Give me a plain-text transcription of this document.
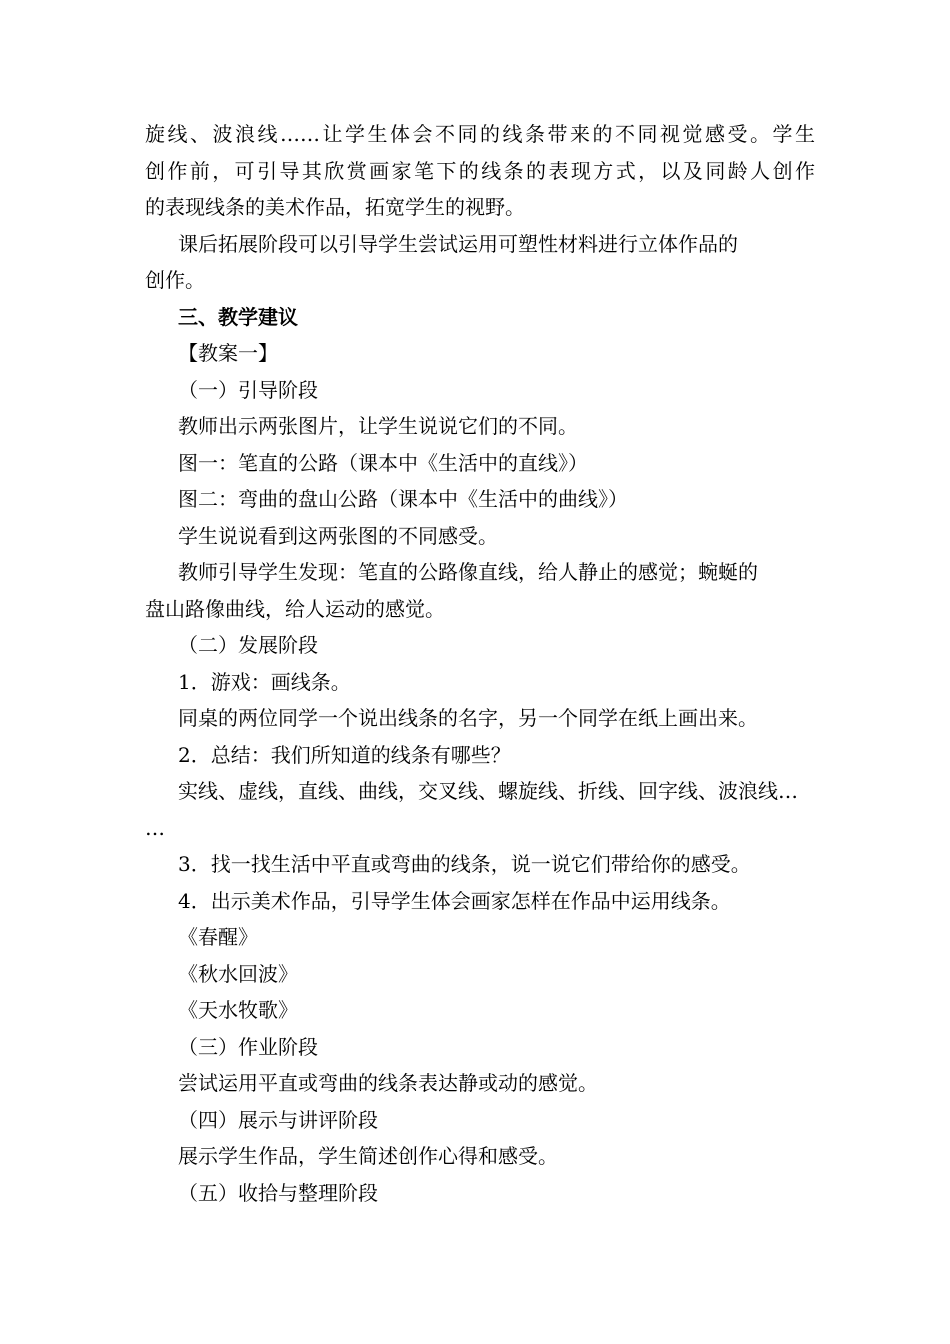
旋线、波浪线……让学生体会不同的线条带来的不同视觉感受。学生
创作前，可引导其欣赏画家笔下的线条的表现方式，以及同龄人创作
的表现线条的美术作品，拓宽学生的视野。
课后拓展阶段可以引导学生尝试运用可塑性材料进行立体作品的
创作。
三、教学建议
【教案一】
（一）引导阶段
教师出示两张图片，让学生说说它们的不同。
图一：笔直的公路（课本中《生活中的直线》）
图二：弯曲的盘山公路（课本中《生活中的曲线》）
学生说说看到这两张图的不同感受。
教师引导学生发现：笔直的公路像直线，给人静止的感觉；蜿蜒的
盘山路像曲线，给人运动的感觉。
（二）发展阶段
1．游戏：画线条。
同桌的两位同学一个说出线条的名字，另一个同学在纸上画出来。
2．总结：我们所知道的线条有哪些？
实线、虚线，直线、曲线，交叉线、螺旋线、折线、回字线、波浪线…
…
3．找一找生活中平直或弯曲的线条，说一说它们带给你的感受。
4．出示美术作品，引导学生体会画家怎样在作品中运用线条。
《春醒》
《秋水回波》
《天水牧歌》
（三）作业阶段
尝试运用平直或弯曲的线条表达静或动的感觉。
（四）展示与讲评阶段
展示学生作品，学生简述创作心得和感受。
（五）收拾与整理阶段
